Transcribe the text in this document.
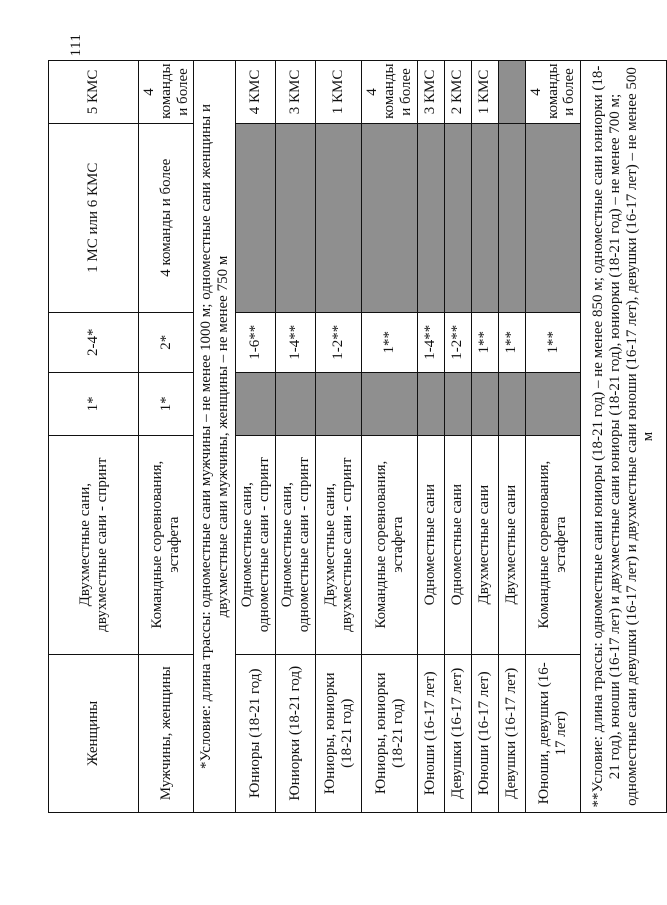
111
Женщины	Двухместные сани, двухместные сани - спринт	1*	2-4*	1 МС или 6 КМС	5 КМС
Мужчины, женщины	Командные соревнования, эстафета	1*	2*	4 команды и более	4 команды и более
*Условие: длина трассы: одноместные сани мужчины – не менее 1000 м; одноместные сани женщины и двухместные сани мужчины, женщины – не менее 750 м					
Юниоры (18-21 год)	Одноместные сани, одноместные сани - спринт		1-6**		4 КМС
Юниорки (18-21 год)	Одноместные сани, одноместные сани - спринт		1-4**		3 КМС
Юниоры, юниорки (18-21 год)	Двухместные сани, двухместные сани - спринт		1-2**		1 КМС
Юниоры, юниорки (18-21 год)	Командные соревнования, эстафета		1**		4 команды и более
Юноши (16-17 лет)	Одноместные сани		1-4**		3 КМС
Девушки (16-17 лет)	Одноместные сани		1-2**		2 КМС
Юноши (16-17 лет)	Двухместные сани		1**		1 КМС
Девушки (16-17 лет)	Двухместные сани		1**		
Юноши, девушки (16-17 лет)	Командные соревнования, эстафета		1**		4 команды и более
**Условие: длина трассы: одноместные сани юниоры (18-21 год) – не менее 850 м; одноместные сани юниорки (18-21 год), юноши (16-17 лет) и двухместные сани юниоры (18-21 год), юниорки (18-21 год) – не менее 700 м; одноместные сани девушки (16-17 лет) и двухместные сани юноши (16-17 лет), девушки (16-17 лет) – не менее 500 м					
